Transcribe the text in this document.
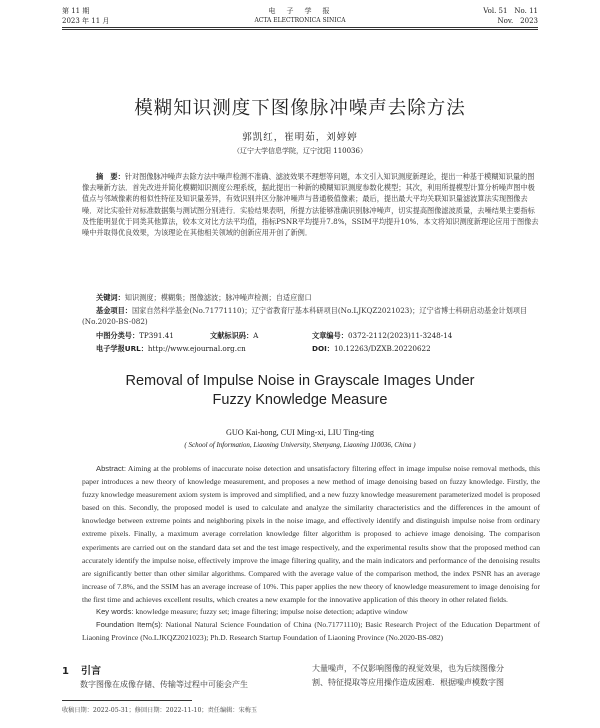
第 11 期
2023 年 11 月
电　子　学　报
ACTA ELECTRONICA SINICA
Vol. 51　No. 11
Nov.　2023
模糊知识测度下图像脉冲噪声去除方法
郭凯红，崔明茹，刘婷婷
（辽宁大学信息学院，辽宁沈阳 110036）
摘　要：针对图像脉冲噪声去除方法中噪声检测不准确、滤波效果不理想等问题，本文引入知识测度新理论，提出一种基于模糊知识量的图像去噪新方法．首先改进并简化模糊知识测度公理系统，据此提出一种新的模糊知识测度参数化模型；其次，利用所提模型计算分析噪声图中极值点与邻域像素的相似性特征及知识量差异，有效识别并区分脉冲噪声与普通极值像素；最后，提出最大平均关联知识量滤波算法实现图像去噪．对比实验针对标准数据集与测试图分别进行．实验结果表明，所提方法能够准确识别脉冲噪声，切实提高图像滤波质量，去噪结果主要指标及性能明显优于同类其他算法，较本文对比方法平均值，指标PSNR平均提升7.8%，SSIM平均提升10%．本文将知识测度新理论应用于图像去噪中并取得优良效果，为该理论在其他相关领域的创新应用开创了新例．
关键词：知识测度；模糊集；图像滤波；脉冲噪声检测；自适应窗口
基金项目：国家自然科学基金(No.71771110)；辽宁省教育厅基本科研项目(No.LJKQZ2021023)；辽宁省博士科研启动基金计划项目(No.2020-BS-082)
中图分类号：TP391.41	文献标识码：A	文章编号：0372-2112(2023)11-3248-14
电子学报URL：http://www.ejournal.org.cn	DOI：10.12263/DZXB.20220622
Removal of Impulse Noise in Grayscale Images Under
Fuzzy Knowledge Measure
GUO Kai-hong, CUI Ming-xi, LIU Ting-ting
( School of Information, Liaoning University, Shenyang, Liaoning 110036, China )
Abstract: Aiming at the problems of inaccurate noise detection and unsatisfactory filtering effect in image impulse noise removal methods, this paper introduces a new theory of knowledge measurement, and proposes a new method of image denoising based on fuzzy knowledge. Firstly, the fuzzy knowledge measurement axiom system is improved and simplified, and a new fuzzy knowledge measurement parameterized model is proposed based on this. Secondly, the proposed model is used to calculate and analyze the similarity characteristics and the differences in the amount of knowledge between extreme points and neighboring pixels in the noise image, and effectively identify and distinguish impulse noise from ordinary extreme pixels. Finally, a maximum average correlation knowledge filter algorithm is proposed to achieve image denoising. The comparison experiments are carried out on the standard data set and the test image respectively, and the experimental results show that the proposed method can accurately identify the impulse noise, effectively improve the image filtering quality, and the main indicators and performance of the denoising results are significantly better than other similar algorithms. Compared with the average value of the comparison method, the index PSNR has an average increase of 7.8%, and the SSIM has an average increase of 10%. This paper applies the new theory of knowledge measurement to image denoising for the first time and achieves excellent results, which creates a new example for the innovative application of this theory in other related fields.
Key words: knowledge measure; fuzzy set; image filtering; impulse noise detection; adaptive window
Foundation Item(s): National Natural Science Foundation of China (No.71771110); Basic Research Project of the Education Department of Liaoning Province (No.LJKQZ2021023); Ph.D. Research Startup Foundation of Liaoning Province (No.2020-BS-082)
1 引言
数字图像在成像存储、传输等过程中可能会产生
大量噪声，不仅影响图像的视觉效果，也为后续图像分
割、特征提取等应用操作造成困难．根据噪声模数字图
收稿日期：2022-05-31；修回日期：2022-11-10；责任编辑：宋梅玉
